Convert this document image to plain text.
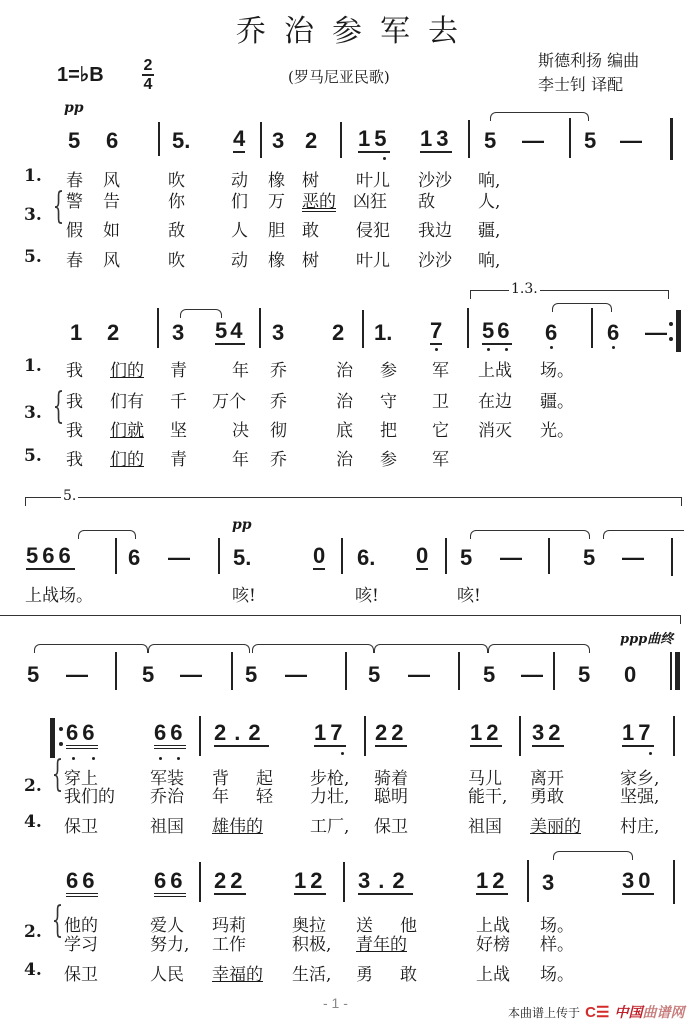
乔治参军去
1=♭B 2
4	(罗马尼亚民歌)
斯德利扬 编曲
李士钊 译配
pp
5 6 5. 4 3 2 15 13 5 — 5 —
1.
{
3.
5.
春 风	吹	动 橡 树 叶儿 沙沙 响,
警 告	你	们 万 恶的 凶狂 敌	人,
假 如	敌	人 胆 敢 侵犯 我边 疆,
春 风	吹	动 橡 树 叶儿 沙沙 响,
1.3.
1 2 3 54 3 2 1. 7 56 6 6 —
1.
{
3.
5.
我 们的 青	年 乔	治 参 军 上战 场。
我 们有 千 万个 乔	治 守 卫 在边 疆。
我 们就 坚	决 彻	底 把 它 消灭 光。
我 们的 青	年 乔	治 参 军
5.
pp
566 6 — 5.	0 6. 0 5 —	5 —
上战场。	咳!	咳!	咳!
ppp曲终
5 — 5 — 5 —	5 — 5 — 5 0
66	66 2.2 17 22	12 32	17
2. {
4.
穿上	军装 背 起 步枪, 骑着	马儿 离开	家乡,
我们的 乔治 年 轻 力壮, 聪明	能干, 勇敢	坚强,
保卫	祖国 雄伟的	工厂, 保卫	祖国 美丽的 村庄,
66	66 22 12 3.2	12 3	30
2. {
4.
他的	爱人 玛莉	奥拉 送 他	上战 场。
学习	努力, 工作	积极, 青年的	好榜 样。
保卫	人民 幸福的 生活, 勇 敢	上战 场。
- 1 -
本曲谱上传于 C☰ 中国曲谱网
